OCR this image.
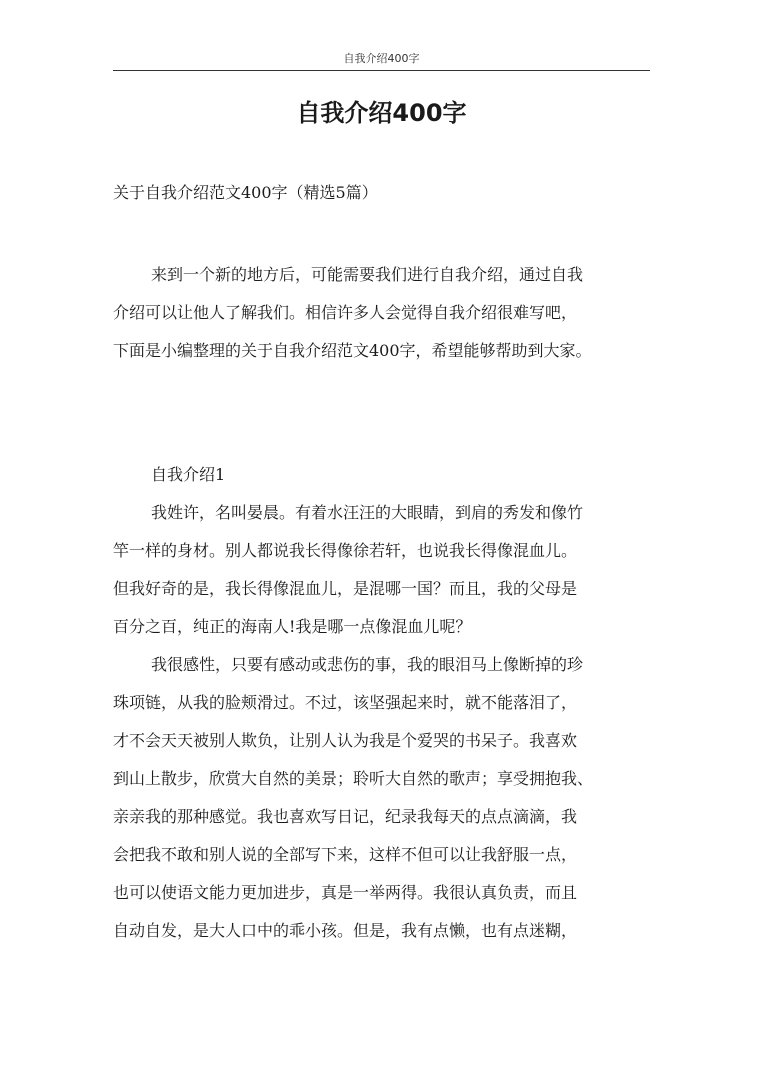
自我介绍400字
自我介绍400字

关于自我介绍范文400字（精选5篇）

来到一个新的地方后，可能需要我们进行自我介绍，通过自我
介绍可以让他人了解我们。相信许多人会觉得自我介绍很难写吧，
下面是小编整理的关于自我介绍范文400字，希望能够帮助到大家。
自我介绍1
我姓许，名叫晏晨。有着水汪汪的大眼睛，到肩的秀发和像竹
竿一样的身材。别人都说我长得像徐若轩，也说我长得像混血儿。
但我好奇的是，我长得像混血儿，是混哪一国？而且，我的父母是
百分之百，纯正的海南人!我是哪一点像混血儿呢？
我很感性，只要有感动或悲伤的事，我的眼泪马上像断掉的珍
珠项链，从我的脸颊滑过。不过，该坚强起来时，就不能落泪了，
才不会天天被别人欺负，让别人认为我是个爱哭的书呆子。我喜欢
到山上散步，欣赏大自然的美景；聆听大自然的歌声；享受拥抱我、
亲亲我的那种感觉。我也喜欢写日记，纪录我每天的点点滴滴，我
会把我不敢和别人说的全部写下来，这样不但可以让我舒服一点，
也可以使语文能力更加进步，真是一举两得。我很认真负责，而且
自动自发，是大人口中的乖小孩。但是，我有点懒，也有点迷糊，
